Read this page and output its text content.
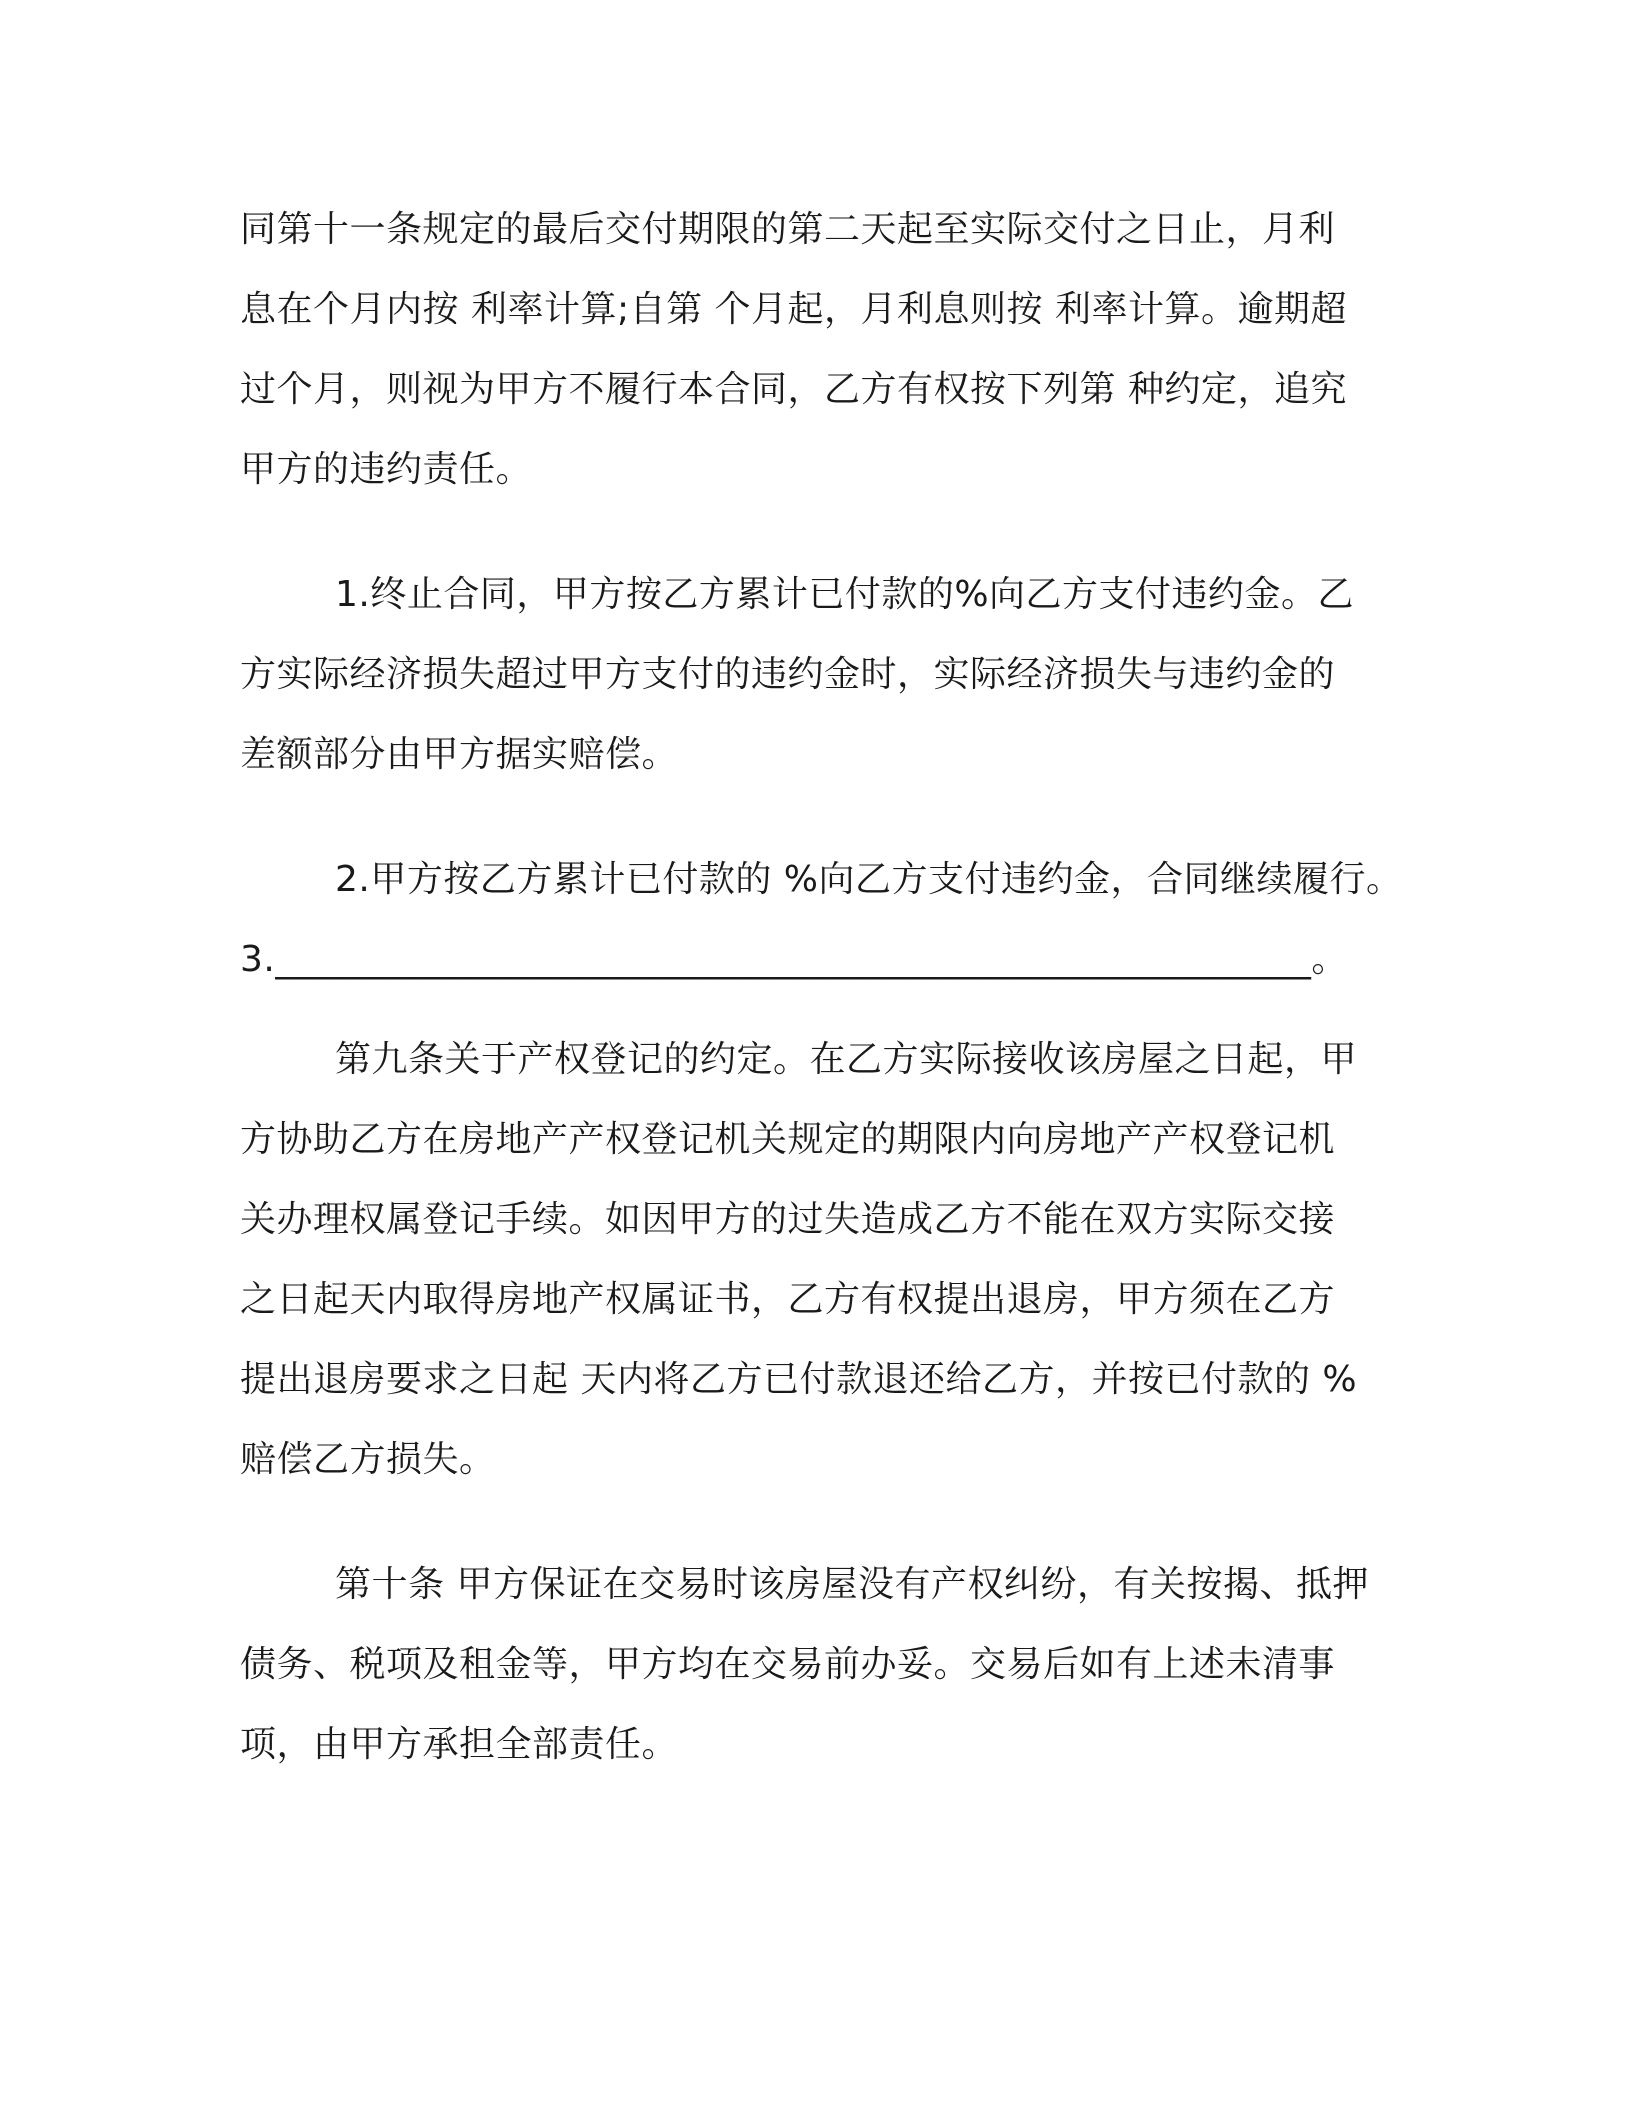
同第十一条规定的最后交付期限的第二天起至实际交付之日止，月利
息在个月内按 利率计算;自第 个月起，月利息则按 利率计算。逾期超
过个月，则视为甲方不履行本合同，乙方有权按下列第 种约定，追究
甲方的违约责任。
1.终止合同，甲方按乙方累计已付款的%向乙方支付违约金。乙
方实际经济损失超过甲方支付的违约金时，实际经济损失与违约金的
差额部分由甲方据实赔偿。
2.甲方按乙方累计已付款的 %向乙方支付违约金，合同继续履行。
3.________________________________________________________。
第九条关于产权登记的约定。在乙方实际接收该房屋之日起，甲
方协助乙方在房地产产权登记机关规定的期限内向房地产产权登记机
关办理权属登记手续。如因甲方的过失造成乙方不能在双方实际交接
之日起天内取得房地产权属证书，乙方有权提出退房，甲方须在乙方
提出退房要求之日起 天内将乙方已付款退还给乙方，并按已付款的 %
赔偿乙方损失。
第十条 甲方保证在交易时该房屋没有产权纠纷，有关按揭、抵押
债务、税项及租金等，甲方均在交易前办妥。交易后如有上述未清事
项，由甲方承担全部责任。
